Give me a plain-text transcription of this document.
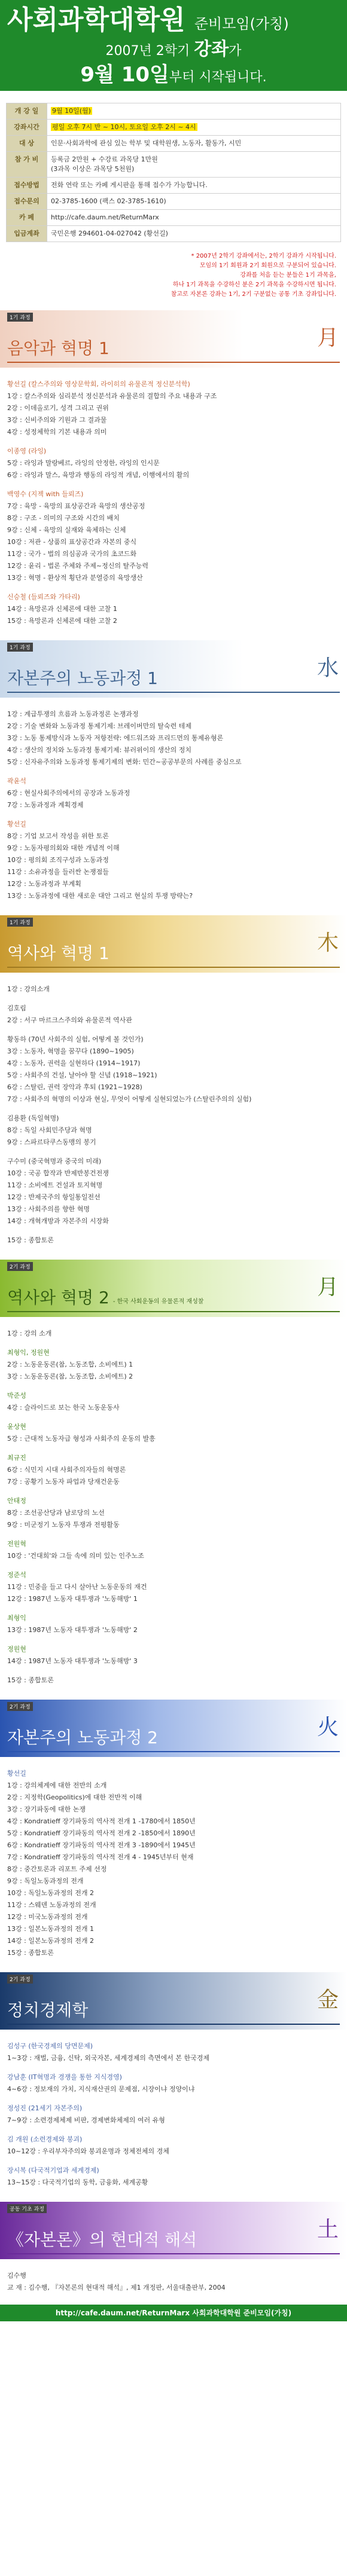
사회과학대학원 준비모임(가칭)
2007년 2학기 강좌가
9월 10일부터 시작됩니다.
개 강 일	9월 10일(월)
강좌시간	평일 오후 7시 반 ~ 10시, 토요일 오후 2시 ~ 4시
대 상	인문·사회과학에 관심 있는 학부 및 대학원생, 노동자, 활동가, 시민
참 가 비	등록금 2만원 + 수강료 과목당 1만원
(3과목 이상은 과목당 5천원)
접수방법	전화 연락 또는 카페 게시판을 통해 접수가 가능합니다.
접수문의	02-3785-1600 (팩스 02-3785-1610)
카 페	http://cafe.daum.net/ReturnMarx
입금계좌	국민은행 294601-04-027042 (황선길)
* 2007년 2학기 강좌에서는, 2학기 강좌가 시작됩니다.
모임의 1기 회원과 2기 회원으로 구분되어 있습니다.
강좌를 처음 듣는 분들은 1기 과목을,
하나 1기 과목을 수강하신 분은 2기 과목을 수강하시면 됩니다.
참고로 자본론 강좌는 1기, 2기 구분없는 공통 기초 강좌입니다.
1기 과정
음악과 혁명 1	月
황선길 (칼스주의와 영상문학회, 라이히의 유물론적 정신분석학)
1강 : 칼스주의와 심리분석 정신분석과 유물론의 결합의 주요 내용과 구조
2강 : 이데올로기, 성격 그리고 권위
3강 : 신비주의와 기원과 그 결과물
4강 : 성정체학의 기본 내용과 의미
이종영 (라잉)
5강 : 라잉과 말랑베르, 라잉의 안정한, 라잉의 인시문
6강 : 라잉과 말스, 육망과 행동의 라잉적 개념, 이행에서의 활의
백영수 (지젝 with 들뢰즈)
7강 : 육망 - 육망의 표상공간과 육망의 생산공정
8강 : 구조 - 의미의 구조와 시간의 배치
9강 : 신체 - 육망의 실재와 육체하는 신체
10강 : 저관 - 상품의 표상공간과 자본의 중식
11강 : 국가 - 법의 의심공과 국가의 초코드화
12강 : 윤리 - 법론 주체와 주제~정신의 탈주능력
13강 : 혁명 - 환상적 횡단과 분열증의 육망생산
신승철 (들뢰즈와 가타리)
14강 : 욕망론과 신체론에 대한 고찰 1
15강 : 욕망론과 신체론에 대한 고찰 2
1기 과정
자본주의 노동과정 1	水
1강 : 계급투쟁의 흐름과 노동과정론 논쟁과정
2강 : 기술 변화와 노동과정 통제기제: 브레이버만의 탈숙련 테제
3강 : 노동 통제방식과 노동자 저항전략: 에드워즈와 프리드먼의 통제유형론
4강 : 생산의 정치와 노동과정 통제기제: 뷰러위이의 생산의 정치
5강 : 신자유주의와 노동과정 통제기제의 변화: 민간~공공부문의 사례를 중심으로
곽윤석
6강 : 현실사회주의에서의 공장과 노동과정
7강 : 노동과정과 계획경제
황선길
8강 : 기업 보고서 작성을 위한 토론
9강 : 노동자평의회와 대한 개념적 이해
10강 : 평의회 조직구성과 노동과정
11강 : 소유과정을 들러싼 논쟁점들
12강 : 노동과정과 부계획
13강 : 노동과정에 대한 새로운 대안 그리고 현실의 투쟁 방략는?
1기 과정
역사와 혁명 1	木
1강 : 강의소개
김호림
2강 : 서구 마르크스주의와 유물론적 역사관
황동하 (70년 사회주의 실험, 어떻게 볼 것인가)
3강 : 노동자, 혁명을 꿈꾸다 (1890~1905)
4강 : 노동자, 권력을 실현하다 (1914~1917)
5강 : 사회주의 건설, 날아야 할 신념 (1918~1921)
6강 : 스탈린, 권력 장악과 후퇴 (1921~1928)
7강 : 사회주의 혁명의 이상과 현실, 무엇이 어떻게 실현되었는가 (스탈린주의의 실험)
김용환 (독일혁명)
8강 : 독일 사회민주당과 혁명
9강 : 스파르타쿠스동맹의 봉기
구수미 (중국혁명과 중국의 미래)
10강 : 국공 합작과 반제반봉건전쟁
11강 : 소비에트 건설과 토지혁명
12강 : 반제국주의 항일통일전선
13강 : 사회주의를 향한 혁명
14강 : 개혁개방과 자본주의 시장화
15강 : 종합토론
2기 과정
역사와 혁명 2 - 한국 사회운동의 유물론적 재성찰
月
1강 : 강의 소개
최형익, 정원현
2강 : 노동운동론(참, 노동조합, 소비에트) 1
3강 : 노동운동론(참, 노동조합, 소비에트) 2
박준성
4강 : 슬라이드로 보는 한국 노동운동사
윤상현
5강 : 근대적 노동자급 형성과 사회주의 운동의 발흥
최규진
6강 : 식민지 시대 사회주의자들의 혁명론
7강 : 공황기 노동자 파업과 당재건운동
안태정
8강 : 조선공산당과 남로당의 노선
9강 : 미군정기 노동자 투쟁과 전평활동
전원혁
10강 : '건대희'와 그들 속에 의미 있는 인주노조
정준석
11강 : 민중을 들고 다시 살아난 노동운동의 재건
12강 : 1987년 노동자 대투쟁과 '노동해방' 1
최형익
13강 : 1987년 노동자 대투쟁과 '노동해방' 2
정원현
14강 : 1987년 노동자 대투쟁과 '노동해방' 3
15강 : 종합토론
2기 과정
자본주의 노동과정 2	火
황선길
1강 : 강의체계에 대한 전반의 소개
2강 : 지정학(Geopolitics)에 대한 전반적 이해
3강 : 장기파동에 대한 논쟁
4강 : Kondratieff 장기파동의 역사적 전개 1 -1780에서 1850년
5강 : Kondratieff 장기파동의 역사적 전개 2 -1850에서 1890년
6강 : Kondratieff 장기파동의 역사적 전개 3 -1890에서 1945년
7강 : Kondratieff 장기파동의 역사적 전개 4 - 1945년부터 현재
8강 : 중간토론과 리포트 주제 선정
9강 : 독일노동과정의 전개
10강 : 독일노동과정의 전개 2
11강 : 스웨덴 노동과정의 전개
12강 : 미국노동과정의 전개
13강 : 일본노동과정의 전개 1
14강 : 일본노동과정의 전개 2
15강 : 종합토론
2기 과정
정치경제학	金
김성구 (한국경제의 당면문제)
1~3강 : 재벌, 금융, 신탁, 외국자본, 세계경제의 측면에서 본 한국경제
강남훈 (IT혁명과 경쟁을 통한 지식경영)
4~6강 : 정보재의 가치, 지식재산권의 문제점, 시장이냐 정양이냐
정성진 (21세기 자본주의)
7~9강 : 소련경제체제 비판, 경제변화체제의 여러 유형
김 개원 (소련경제와 붕괴)
10~12강 : 우리부자주의와 붕괴운명과 정체전체의 경체
장시복 (다국적기업과 세계경제)
13~15강 : 다국적기업의 동학, 금융화, 세계공황
공동 기초 과정
《자본론》의 현대적 해석	土
김수행
교 재 : 김수행, 『자본론의 현대적 해석』, 제1 개정판, 서울대출판부, 2004
http://cafe.daum.net/ReturnMarx 사회과학대학원 준비모임(가칭)
